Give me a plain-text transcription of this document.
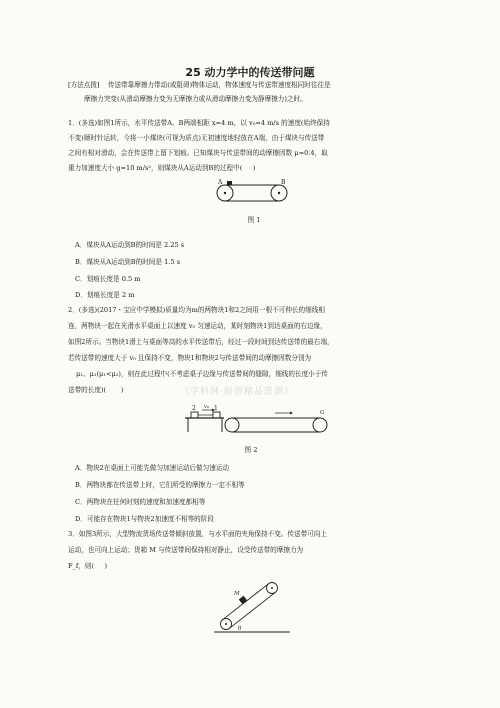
25 动力学中的传送带问题
[方法点拨]    传送带靠摩擦力带动(或阻碍)物体运动，物体速度与传送带速度相同时往往是
摩擦力突变(从滑动摩擦力变为无摩擦力或从滑动摩擦力变为静摩擦力)之时。
1．(多选)如图1所示，水平传送带A、B两端相距 x=4 m，以 v₀=4 m/s 的速度(始终保持
不变)顺时针运转，今将一小煤块(可视为质点)无初速度地轻放在A端，由于煤块与传送带
之间有相对滑动，会在传送带上留下划痕。已知煤块与传送带间的动摩擦因数 μ=0.4，取
重力加速度大小 g=10 m/s²，则煤块从A运动到B的过程中(     )
A	B
图 1
A．煤块从A运动到B的时间是 2.25 s
B．煤块从A运动到B的时间是 1.5 s
C．划痕长度是 0.5 m
D．划痕长度是 2 m
2．(多选)(2017・宝应中学模拟)质量均为m的两物块1和2之间用一根不可伸长的细线相
连，两物块一起在光滑水平桌面上以速度 v₀ 匀速运动，某时刻物块1到达桌面的右边缘，
如图2所示。当物块1滑上与桌面等高的水平传送带后，经过一段时间到达传送带的最右端，
若传送带的速度大于 v₀ 且保持不变，物块1和物块2与传送带间的动摩擦因数分别为
μ₁、μ₂(μ₁<μ₂)，则在此过程中(不考虑桌子边缘与传送带间的缝隙，细线的长度小于传
送带的长度)(       )	《学科网·原创精品资源》
2 v₀ 1
G
图 2
A．物块2在桌面上可能先做匀加速运动后做匀速运动
B．两物块都在传送带上时，它们所受的摩擦力一定不相等
C．两物块在任何时刻的速度和加速度都相等
D．可能存在物块1与物块2加速度不相等的阶段
3．如图3所示，大型物流货场传送带倾斜放置，与水平面的夹角保持不变。传送带可向上
运动，也可向上运动；货箱 M 与传送带间保持相对静止，设受传送带的摩擦力为
F_f，则(     )
M
θ
